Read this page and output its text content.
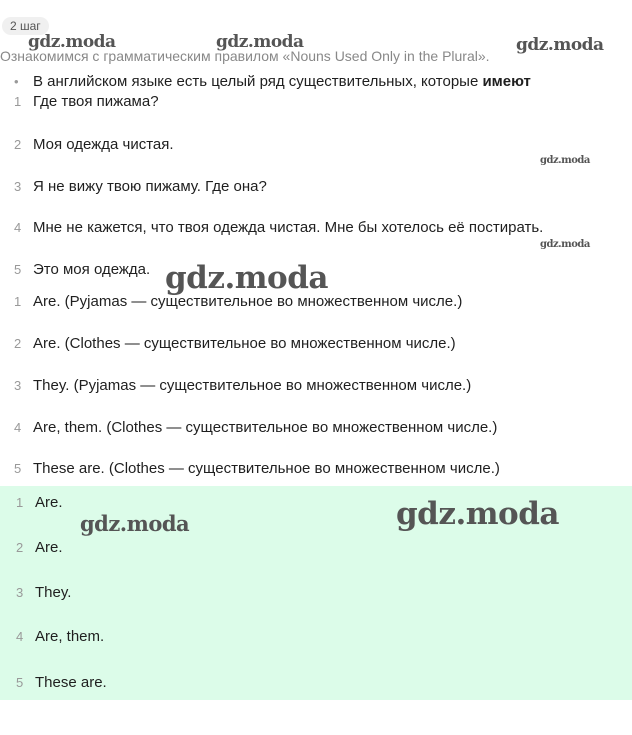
2 шаг
Ознакомимся с грамматическим правилом «Nouns Used Only in the Plural».
• В английском языке есть целый ряд существительных, которые имеют
1 Где твоя пижама?
2 Моя одежда чистая.
3 Я не вижу твою пижаму. Где она?
4 Мне не кажется, что твоя одежда чистая. Мне бы хотелось её постирать.
5 Это моя одежда.
1 Are. (Pyjamas — существительное во множественном числе.)
2 Are. (Clothes — существительное во множественном числе.)
3 They. (Pyjamas — существительное во множественном числе.)
4 Are, them. (Clothes — существительное во множественном числе.)
5 These are. (Clothes — существительное во множественном числе.)
1 Are.
2 Are.
3 They.
4 Are, them.
5 These are.
gdz.moda	gdz.moda	gdz.moda
gdz.moda
gdz.moda
gdz.moda
gdz.moda	gdz.moda
